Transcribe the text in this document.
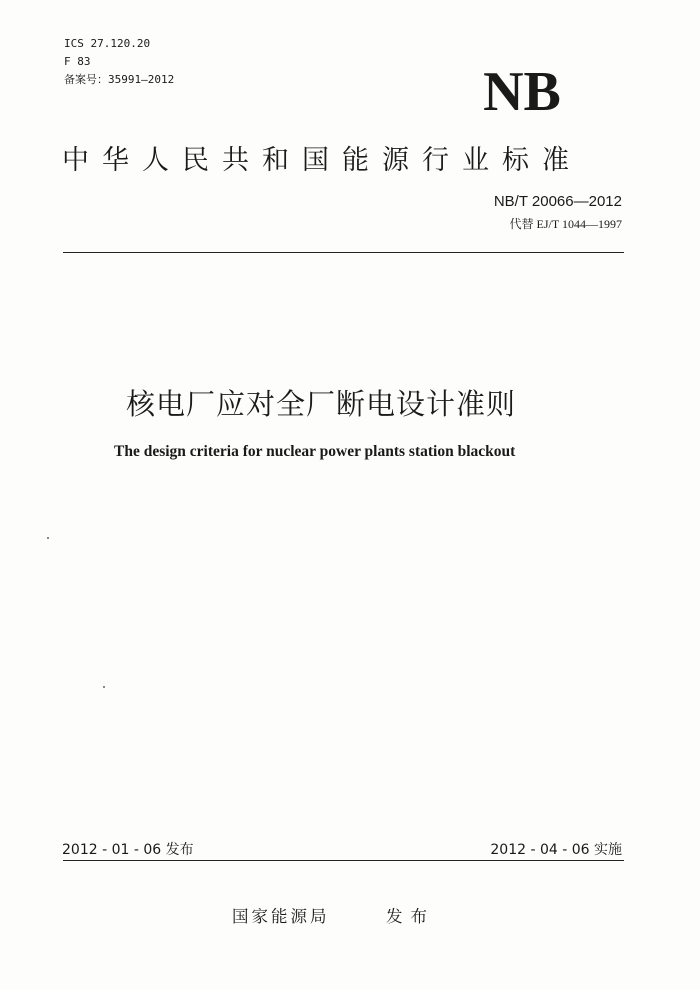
ICS 27.120.20
F 83
备案号：35991—2012	NB
中华人民共和国能源行业标准
NB/T 20066—2012
代替 EJ/T 1044—1997
核电厂应对全厂断电设计准则
The design criteria for nuclear power plants station blackout
2012 - 01 - 06 发布	2012 - 04 - 06 实施
国家能源局	发布
